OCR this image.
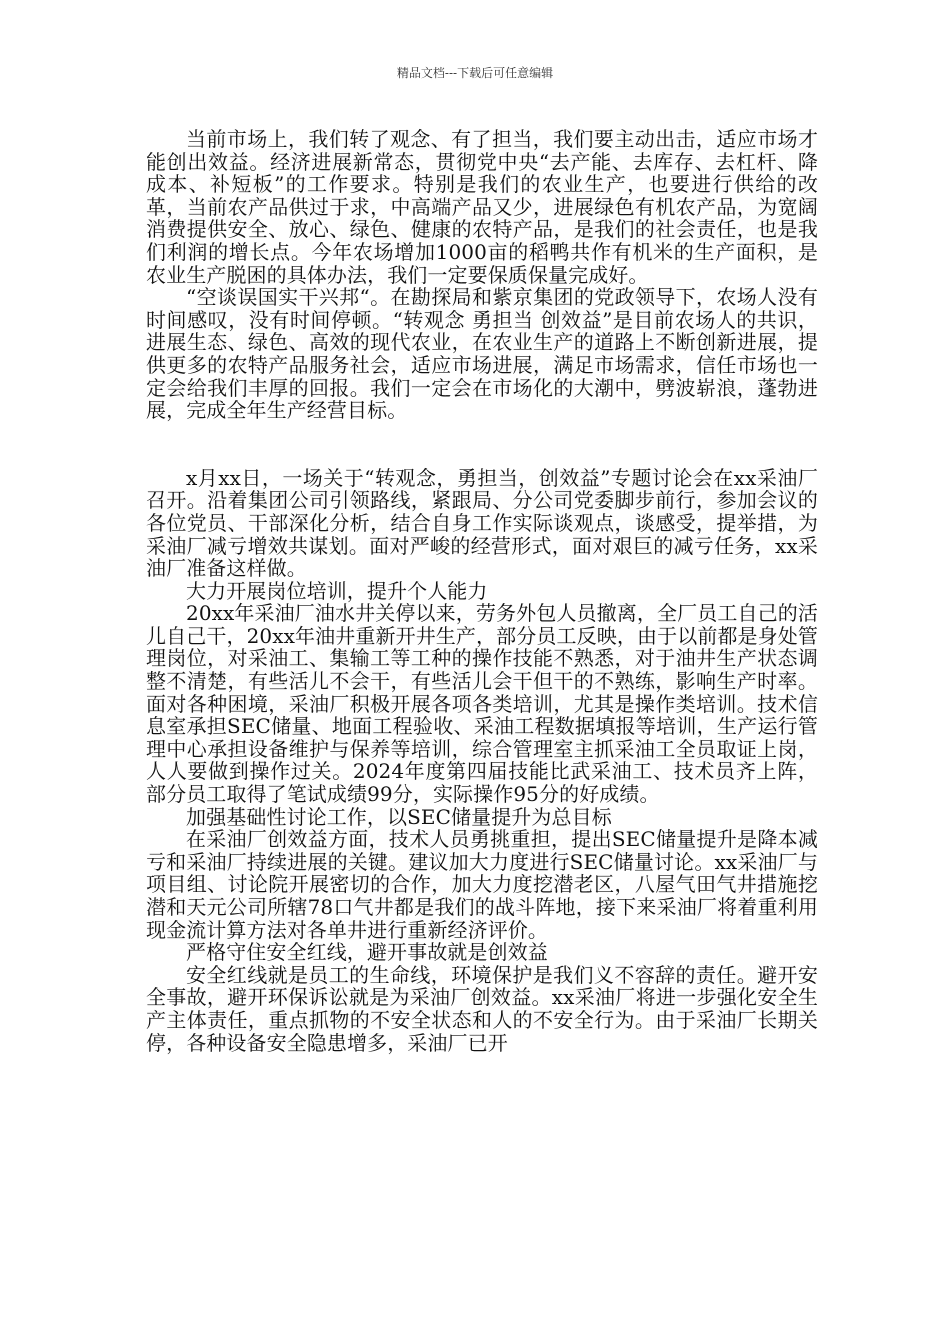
精品文档---下载后可任意编辑

当前市场上，我们转了观念、有了担当，我们要主动出击，适应市场才能创出效益。经济进展新常态，贯彻党中央“去产能、去库存、去杠杆、降成本、补短板”的工作要求。特别是我们的农业生产，也要进行供给的改革，当前农产品供过于求，中高端产品又少，进展绿色有机农产品，为宽阔消费提供安全、放心、绿色、健康的农特产品，是我们的社会责任，也是我们利润的增长点。今年农场增加1000亩的稻鸭共作有机米的生产面积，是农业生产脱困的具体办法，我们一定要保质保量完成好。

“空谈误国实干兴邦“。在勘探局和紫京集团的党政领导下，农场人没有时间感叹，没有时间停顿。“转观念 勇担当 创效益”是目前农场人的共识，进展生态、绿色、高效的现代农业，在农业生产的道路上不断创新进展，提供更多的农特产品服务社会，适应市场进展，满足市场需求，信任市场也一定会给我们丰厚的回报。我们一定会在市场化的大潮中，劈波崭浪，蓬勃进展，完成全年生产经营目标。

x月xx日，一场关于“转观念，勇担当，创效益”专题讨论会在xx采油厂召开。沿着集团公司引领路线，紧跟局、分公司党委脚步前行，参加会议的各位党员、干部深化分析，结合自身工作实际谈观点，谈感受，提举措，为采油厂减亏增效共谋划。面对严峻的经营形式，面对艰巨的减亏任务，xx采油厂准备这样做。

大力开展岗位培训，提升个人能力

20xx年采油厂油水井关停以来，劳务外包人员撤离，全厂员工自己的活儿自己干，20xx年油井重新开井生产，部分员工反映，由于以前都是身处管理岗位，对采油工、集输工等工种的操作技能不熟悉，对于油井生产状态调整不清楚，有些活儿不会干，有些活儿会干但干的不熟练，影响生产时率。面对各种困境，采油厂积极开展各项各类培训，尤其是操作类培训。技术信息室承担SEC储量、地面工程验收、采油工程数据填报等培训，生产运行管理中心承担设备维护与保养等培训，综合管理室主抓采油工全员取证上岗，人人要做到操作过关。2024年度第四届技能比武采油工、技术员齐上阵，部分员工取得了笔试成绩99分，实际操作95分的好成绩。

加强基础性讨论工作，以SEC储量提升为总目标

在采油厂创效益方面，技术人员勇挑重担，提出SEC储量提升是降本减亏和采油厂持续进展的关键。建议加大力度进行SEC储量讨论。xx采油厂与项目组、讨论院开展密切的合作，加大力度挖潜老区，八屋气田气井措施挖潜和天元公司所辖78口气井都是我们的战斗阵地，接下来采油厂将着重利用现金流计算方法对各单井进行重新经济评价。

严格守住安全红线，避开事故就是创效益

安全红线就是员工的生命线，环境保护是我们义不容辞的责任。避开安全事故，避开环保诉讼就是为采油厂创效益。xx采油厂将进一步强化安全生产主体责任，重点抓物的不安全状态和人的不安全行为。由于采油厂长期关停，各种设备安全隐患增多，采油厂已开
